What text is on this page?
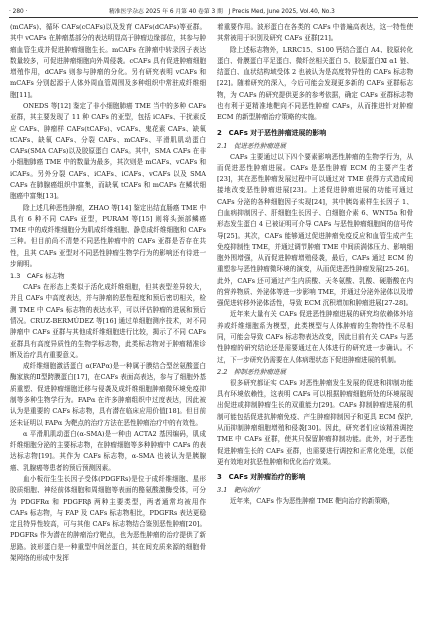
· 280 ·	精准医学杂志 2025 年 6 月第 40 卷第 3 期　J Precis Med, June 2025, Vol.40, No.3
(mCAFs)、循环 CAFs(cCAFs)以及发育 CAFs(dCAFs)等亚群。其中 vCAFs 在肿瘤基部分的表达明显高于肿瘤边缘部位，其参与肿瘤血管生成并促进肿瘤细胞生长。mCAFs 在肿瘤中转录因子表达数量较多，可促进肿瘤细胞向外周侵袭。cCAFs 具有促进肿瘤细胞增殖作用，dCAFs 则参与肿瘤的分化。另有研究表明 vCAFs 和 mCAFs 分别起源于人体外周血管周围及多种组织中常驻成纤维细胞[11]。
ONEDS 等[12] 鉴定了非小细胞肺癌 TME 当中的多种 CAFs 亚群，其主要发现了 11 种 CAFs 的亚型，包括 iCAFs、干扰素反应 CAFs、肿瘤样 CAFs(tCAFs)、vCAFs、鬼花素 CAFs、缺氧 tCAFs、缺氧 CAFs、分裂 CAFs、mCAFs、平滑肌肌动蛋白 CAFs(SMA CAFs)以及胶原蛋白 CAFs。其中，SMA CAFs 在非小细胞肺癌 TME 中的数量为最多，其次则是 mCAFs、vCAFs 和 iCAFs。另外分裂 CAFs、iCAFs、iCAFs、vCAFs 以及 SMA CAFs 在肺腺癌组织中富集，而缺氧 tCAFs 和 mCAFs 在鳞状细胞癌中富集[13]。
除上述几种恶性肿瘤，ZHAO 等[14] 鉴定出结直肠癌 TME 中具有 6 种不同 CAFs 亚型，PURAM 等[15] 则将头颈部鳞癌 TME 中的成纤维细胞分为肌成纤维细胞、静息成纤维细胞和 CAFs 三种。但目前尚不清楚不同恶性肿瘤中的 CAFs 亚群是否存在共性，且其 CAFs 亚型对不同恶性肿瘤生物学行为的影响还有待进一步阐明。
1.3　CAFs 标志物
CAFs 在形态上类似于活化成纤维细胞，但其表型差异较大，并且 CAFs 中高度表达，并与肿瘤的恶性程度和预后密切相关，检测 TME 中 CAFs 标志物的表达水平，可以评估肿瘤的进展和预后情况。CRUZ-BERMÚDEZ 等[16] 通过单细胞测序技术，对不同肿瘤中 CAFs 亚群与其他成纤维细胞进行比较，揭示了不同 CAFs 亚群具有高度异质性的生物学标志物，此类标志物对于肿瘤精准诊断及治疗具有重要意义。
成纤维细胞激活蛋白 α(FAPα)是一种属于膜结合型丝氨酸蛋白酶家族的Ⅱ型跨膜蛋白[17]，在CAFs 表面高表达，参与了细胞外基质重塑、促进肿瘤细胞迁移与侵袭及成纤维细胞肿瘤微环境免疫抑制等多种生物学行为。FAPα 在许多肿瘤组织中过度表达，因此被认为是重要的 CAFs 标志物，具有潜在临床应用价值[18]。但目前还未证明以 FAPα 为靶点的治疗方法在恶性肿瘤治疗中的有效性。
α 平滑肌肌动蛋白(α-SMA)是一种由 ACTA2 基因编码，肌成纤维细胞分泌的主要标志物，在肿瘤细胞等多种肿瘤中 CAFs 的表达标志物[19]。其作为 CAFs 标志物，α-SMA 也被认为是胰腺癌、乳腺癌等患者的预后预测因素。
血小板衍生生长因子受体(PDGFRs)是位于成纤维细胞、星形胶质细胞、神经前体细胞和周细胞等表面的酪氨酸激酶受体，可分为 PDGFRα 和 PDGFRβ 两种主要类型，两者通常均被用作 CAFs 标志物，与 FAP 及 CAFs 标志物相比，PDGFRs 表达更稳定且特异性较高，可与其他 CAFs 标志物结合鉴别恶性肿瘤[20]。PDGFRs 作为潜在的肿瘤治疗靶点，也为恶性肿瘤的治疗提供了新思路。波形蛋白是一种重型中间丝蛋白，其在间充质来源的细胞骨架网络的形成中发挥
着重要作用。波形蛋白在各类的 CAFs 中普遍高表达，这一特性使其常被用于识别及研究 CAFs 亚群[21]。
除上述标志物外，LRRC15、S100 钙结合蛋白 A4、胶原转化蛋白、骨膜蛋白平足蛋白、微纤丝相关蛋白 5、胶原蛋白Ⅺ α1 链、结蛋白、血状结构域受体 2 也被认为是高度特异性的 CAFs 标志物[22]。随着研究的深入，今后可能会发现更多新的 CAFs 亚群标志物，为 CAFs 的研究提供更多的参考依据，确定 CAFs 亚群标志物也有利于更精准地靶向不同恶性肿瘤 CAFs，从而推进针对肿瘤 ECM 的新型肿瘤治疗策略的实施。
2　CAFs 对于恶性肿瘤进展的影响
2.1　促进恶性肿瘤进展
CAFs 主要通过以下四个要素影响恶性肿瘤的生物学行为，从而促进恶性肿瘤进展。CAFs 是恶性肿瘤 ECM 的主要产生者[23]，其在恶性肿瘤发展过程中可以通过对 TME 获得方式造成间接地改变恶性肿瘤进展[23]。上述促进肿瘤进展的功能可通过 CAFs 分泌的各种细胞因子实现[24]，其中胰岛素样生长因子 1、白血病抑制因子、肝细胞生长因子、白细胞介素 6、WNT5a 和骨形态发生蛋白 4 已被证明可介导 CAFs 与恶性肿瘤细胞间的信号传导[25]。其次，CAFs 能够通过促进肿瘤免疫反应和血管生成产生免疫抑制性 TME，并通过调节肿瘤 TME 中间质满体压力、影响细胞外围增强，从而促进肿瘤增殖侵袭，最后，CAFs 通过 ECM 的重塑参与恶性肿瘤微环境的演变，从而促进恶性肿瘤发展[25-26]。此外，CAFs 还可通过产生内质酸、天冬氨酸、乳酸、硬脂酸在内的营养物质、外泌体等进一步影响 TME，并通过分泌外泌体以及增强促进转移外泌体活性，导致 ECM 沉积增加和肿瘤进展[27-28]。
近年来大量有关 CAFs 促进恶性肿瘤进展的研究均依赖体外培养或纤维细胞系为模型，此类模型与人体肿瘤的生物特性不尽相同，可能会导致 CAFs 标志物表达改变，因此目前有关 CAFs 与恶性肿瘤的研究结论还是需要通过在人体进行的研究进一步确认。不过，下一步研究仍需要在人体病理状态下促进肿瘤进展的机制。
2.2　抑制恶性肿瘤进展
很多研究都证实 CAFs 对恶性肿瘤发生发展的促进和抑制功能具有环境依赖性，这表明 CAFs 可以根据肿瘤细胞所处的环境展现出促进或抑制肿瘤生长的双重能力[29]。CAFs 抑制肿瘤进展的机制可能包括促进抗肿瘤免疫、产生肿瘤抑制因子和更具 ECM 保护,从而抑制肿瘤细胞增殖和侵袭[30]。因此，研究者们应该精准调控 TME 中 CAFs 亚群，使其只保留肿瘤抑制功能。此外，对于恶性促进肿瘤生长的 CAFs 亚群，也需要进行调控和正常化处理，以便更有效地对抗恶性肿瘤和优化治疗效果。
3　CAFs 对肿瘤治疗的影响
3.1　靶向治疗
近年来，CAFs 作为恶性肿瘤 TME 靶向治疗的新策略，
